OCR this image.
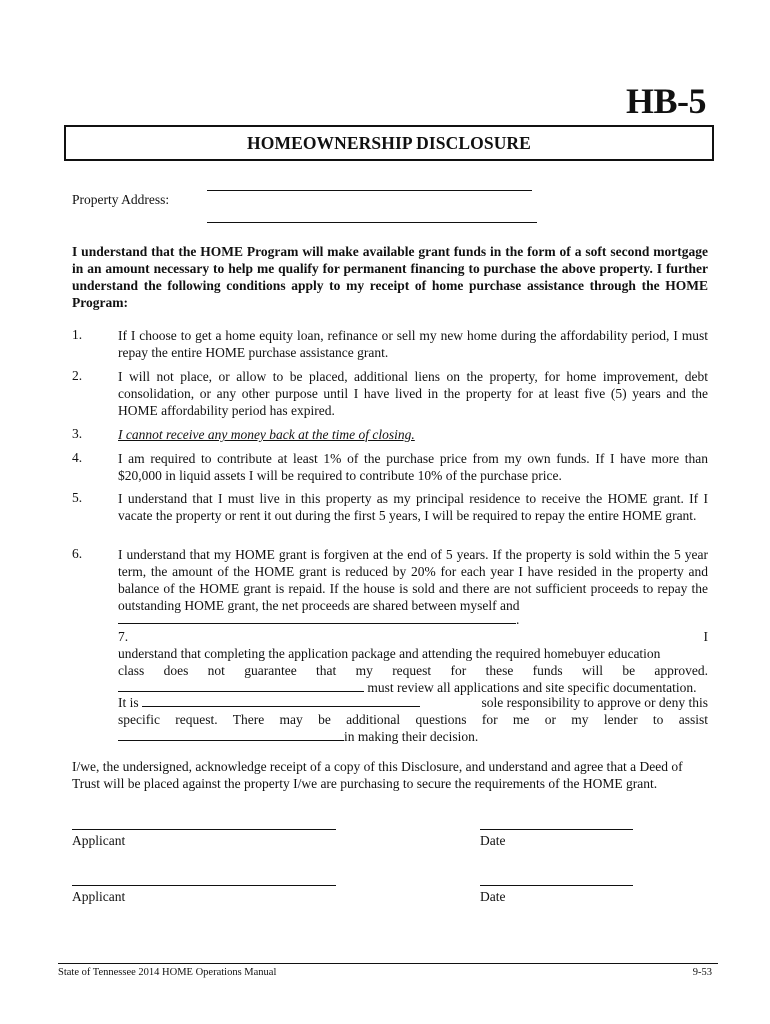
HB-5
HOMEOWNERSHIP DISCLOSURE
Property Address:

I understand that the HOME Program will make available grant funds in the form of a soft second mortgage in an amount necessary to help me qualify for permanent financing to purchase the above property. I further understand the following conditions apply to my receipt of home purchase assistance through the HOME Program:

1.	If I choose to get a home equity loan, refinance or sell my new home during the affordability period, I must repay the entire HOME purchase assistance grant.

2.	I will not place, or allow to be placed, additional liens on the property, for home improvement, debt consolidation, or any other purpose until I have lived in the property for at least five (5) years and the HOME affordability period has expired.

3.	I cannot receive any money back at the time of closing.

4.	I am required to contribute at least 1% of the purchase price from my own funds. If I have more than $20,000 in liquid assets I will be required to contribute 10% of the purchase price.

5.	I understand that I must live in this property as my principal residence to receive the HOME grant. If I vacate the property or rent it out during the first 5 years, I will be required to repay the entire HOME grant.

6.	I understand that my HOME grant is forgiven at the end of 5 years. If the property is sold within the 5 year term, the amount of the HOME grant is reduced by 20% for each year I have resided in the property and balance of the HOME grant is repaid. If the house is sold and there are not sufficient proceeds to repay the outstanding HOME grant, the net proceeds are shared between myself and

.
7.	I

understand that completing the application package and attending the required homebuyer education

class does not guarantee that my request for these funds will be approved.

must review all applications and site specific documentation.
It is	sole responsibility to approve or deny this

specific request. There may be additional questions for me or my lender to assist

in making their decision.

I/we, the undersigned, acknowledge receipt of a copy of this Disclosure, and understand and agree that a Deed of Trust will be placed against the property I/we are purchasing to secure the requirements of the HOME grant.

Applicant	Date
Applicant	Date
State of Tennessee 2014 HOME Operations Manual	9-53
